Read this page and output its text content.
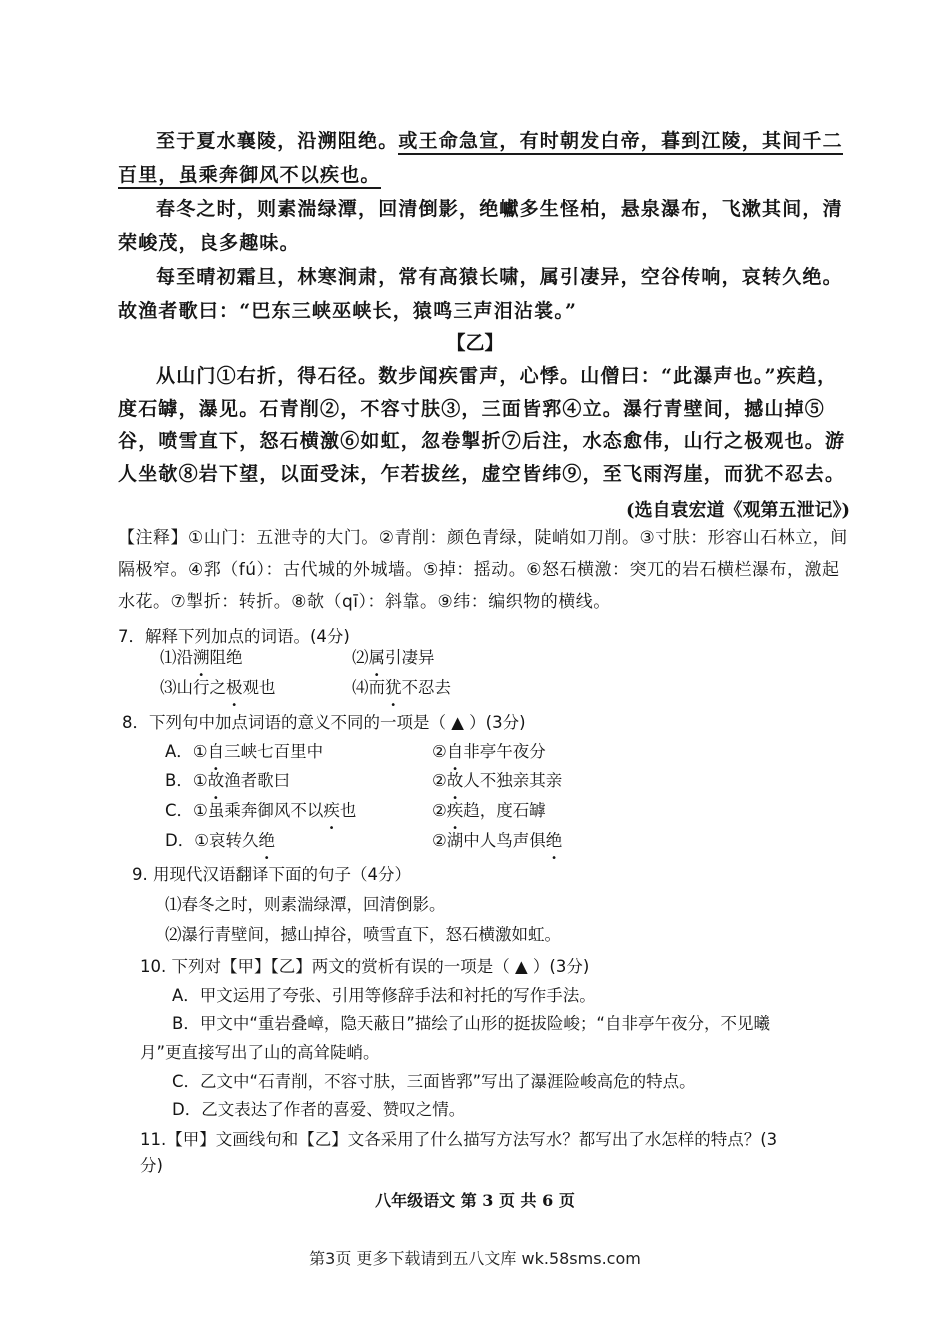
至于夏水襄陵，沿溯阻绝。或王命急宣，有时朝发白帝，暮到江陵，其间千二百里，虽乘奔御风不以疾也。

春冬之时，则素湍绿潭，回清倒影，绝巘多生怪柏，悬泉瀑布，飞漱其间，清荣峻茂，良多趣味。

每至晴初霜旦，林寒涧肃，常有高猿长啸，属引凄异，空谷传响，哀转久绝。故渔者歌曰：“巴东三峡巫峡长，猿鸣三声泪沾裳。”

【乙】

从山门①右折，得石径。数步闻疾雷声，心悸。山僧曰：“此瀑声也。”疾趋，度石罅，瀑见。石青削②，不容寸肤③，三面皆郛④立。瀑行青壁间，撼山掉⑤谷，喷雪直下，怒石横激⑥如虹，忽卷掣折⑦后注，水态愈伟，山行之极观也。游人坐欹⑧岩下望，以面受沫，乍若拔丝，虚空皆纬⑨，至飞雨泻崖，而犹不忍去。

(选自袁宏道《观第五泄记》)

【注释】①山门：五泄寺的大门。②青削：颜色青绿，陡峭如刀削。③寸肤：形容山石林立，间隔极窄。④郛（fú）：古代城的外城墙。⑤掉：摇动。⑥怒石横激：突兀的岩石横栏瀑布，激起水花。⑦掣折：转折。⑧欹（qī）：斜靠。⑨纬：编织物的横线。

7．解释下列加点的词语。(4分)
⑴沿溯阻绝	⑵属引凄异
⑶山行之极观也	⑷而犹不忍去
8．下列句中加点词语的意义不同的一项是（ ▲ ）(3分)
A．①自三峡七百里中	②自非亭午夜分
B．①故渔者歌曰	②故人不独亲其亲
C．①虽乘奔御风不以疾也	②疾趋，度石罅
D．①哀转久绝	②湖中人鸟声俱绝
9. 用现代汉语翻译下面的句子（4分）
⑴春冬之时，则素湍绿潭，回清倒影。
⑵瀑行青壁间，撼山掉谷，喷雪直下，怒石横激如虹。
10. 下列对【甲】【乙】两文的赏析有误的一项是（ ▲ ）(3分)
A．甲文运用了夸张、引用等修辞手法和衬托的写作手法。
B．甲文中“重岩叠嶂，隐天蔽日”描绘了山形的挺拔险峻；“自非亭午夜分，不见曦
月”更直接写出了山的高耸陡峭。
C．乙文中“石青削，不容寸肤，三面皆郛”写出了瀑涯险峻高危的特点。
D．乙文表达了作者的喜爱、赞叹之情。
11.【甲】文画线句和【乙】文各采用了什么描写方法写水？都写出了水怎样的特点？(3
分)
八年级语文 第 3 页 共 6 页
第3页 更多下载请到五八文库 wk.58sms.com
